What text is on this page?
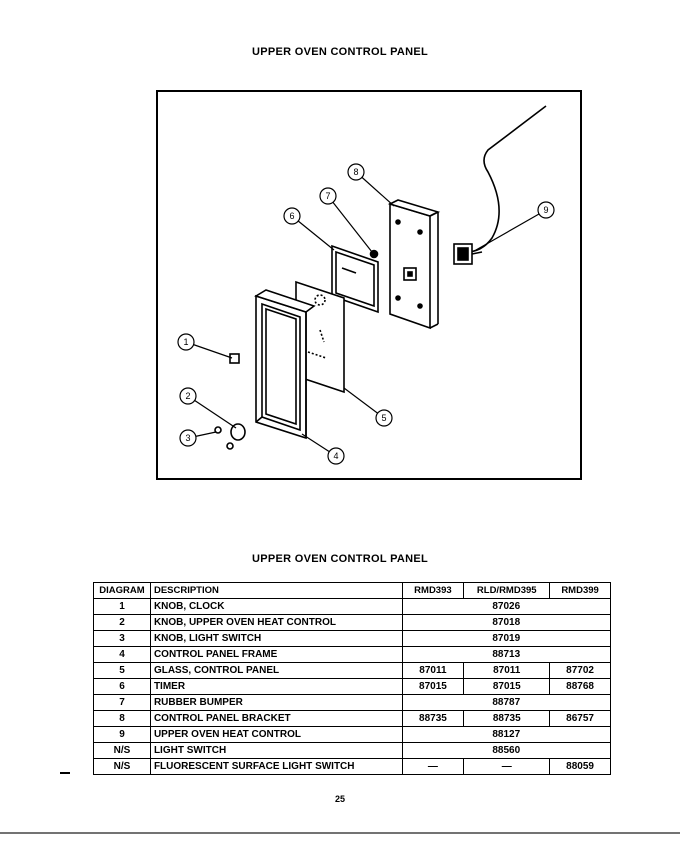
UPPER OVEN CONTROL PANEL
1
2
3
4
5
6
7
8
9
UPPER OVEN CONTROL PANEL
DIAGRAM	DESCRIPTION	RMD393	RLD/RMD395	RMD399
1	KNOB, CLOCK	87026		
2	KNOB, UPPER OVEN HEAT CONTROL	87018		
3	KNOB, LIGHT SWITCH	87019		
4	CONTROL PANEL FRAME	88713		
5	GLASS, CONTROL PANEL	87011	87011	87702
6	TIMER	87015	87015	88768
7	RUBBER BUMPER	88787		
8	CONTROL PANEL BRACKET	88735	88735	86757
9	UPPER OVEN HEAT CONTROL	88127		
N/S	LIGHT SWITCH	88560		
N/S	FLUORESCENT SURFACE LIGHT SWITCH	—	—	88059
25
